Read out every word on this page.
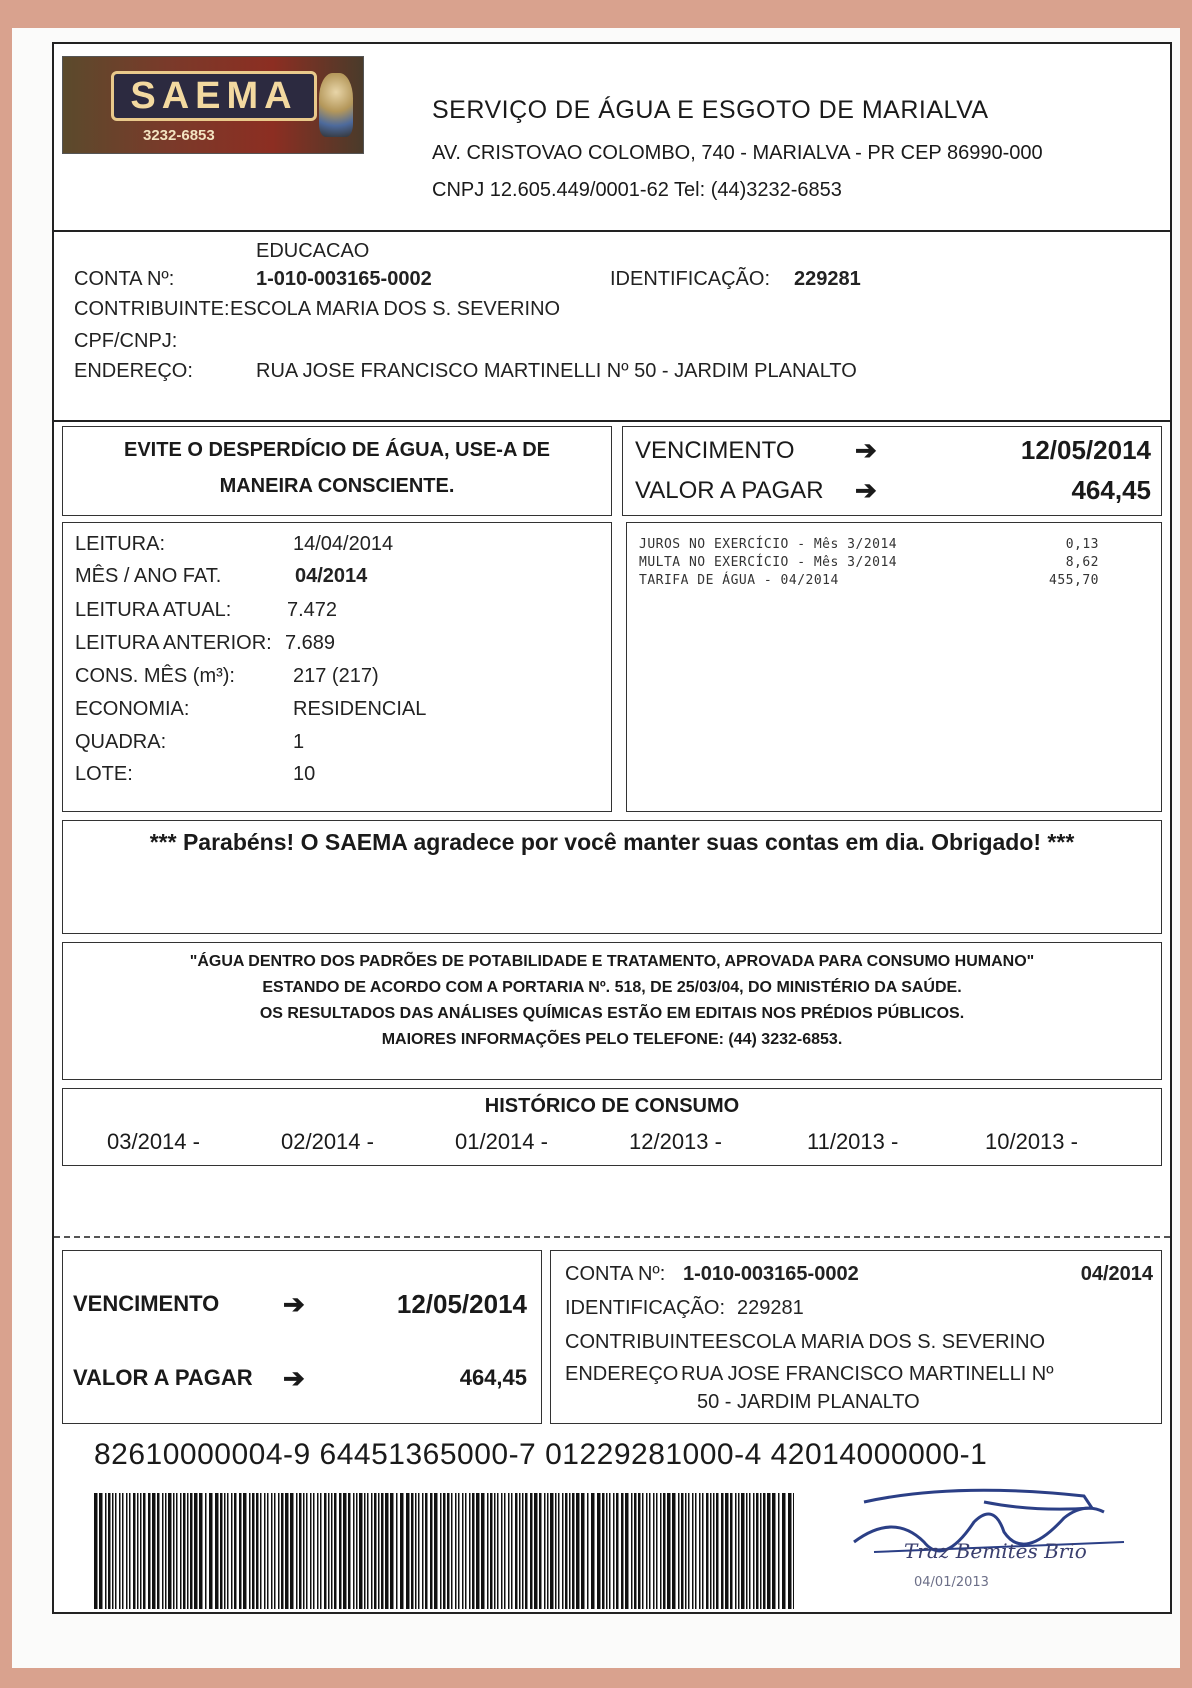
SAEMA
3232-6853
SERVIÇO DE ÁGUA E ESGOTO DE MARIALVA
AV. CRISTOVAO COLOMBO, 740 - MARIALVA - PR CEP 86990-000
CNPJ 12.605.449/0001-62 Tel: (44)3232-6853
EDUCACAO
CONTA Nº:	1-010-003165-0002	IDENTIFICAÇÃO: 229281
CONTRIBUINTE: ESCOLA MARIA DOS S. SEVERINO
CPF/CNPJ:
ENDEREÇO:	RUA JOSE FRANCISCO MARTINELLI Nº 50 - JARDIM PLANALTO
EVITE O DESPERDÍCIO DE ÁGUA, USE-A DE
MANEIRA CONSCIENTE.
VENCIMENTO ➔	12/05/2014
VALOR A PAGAR ➔	464,45
LEITURA:	14/04/2014
MÊS / ANO FAT.	04/2014
LEITURA ATUAL:	7.472
LEITURA ANTERIOR: 7.689
CONS. MÊS (m³):	217 (217)
ECONOMIA:	RESIDENCIAL
QUADRA:	1
LOTE:	10
JUROS NO EXERCÍCIO - Mês 3/2014	0,13
MULTA NO EXERCÍCIO - Mês 3/2014	8,62
TARIFA DE ÁGUA - 04/2014	455,70
*** Parabéns! O SAEMA agradece por você manter suas contas em dia. Obrigado! ***
"ÁGUA DENTRO DOS PADRÕES DE POTABILIDADE E TRATAMENTO, APROVADA PARA CONSUMO HUMANO"
ESTANDO DE ACORDO COM A PORTARIA Nº. 518, DE 25/03/04, DO MINISTÉRIO DA SAÚDE.
OS RESULTADOS DAS ANÁLISES QUÍMICAS ESTÃO EM EDITAIS NOS PRÉDIOS PÚBLICOS.
MAIORES INFORMAÇÕES PELO TELEFONE: (44) 3232-6853.
HISTÓRICO DE CONSUMO
03/2014 -	02/2014 -	01/2014 -	12/2013 -	11/2013 -	10/2013 -
VENCIMENTO ➔	12/05/2014
VALOR A PAGAR ➔	464,45
CONTA Nº: 1-010-003165-0002	04/2014
IDENTIFICAÇÃO: 229281
CONTRIBUINTE:
ESCOLA MARIA DOS S. SEVERINO
ENDEREÇO RUA JOSE FRANCISCO MARTINELLI Nº
50 - JARDIM PLANALTO
82610000004-9 64451365000-7 01229281000-4 42014000000-1
Traz Bemites Brio
04/01/2013
